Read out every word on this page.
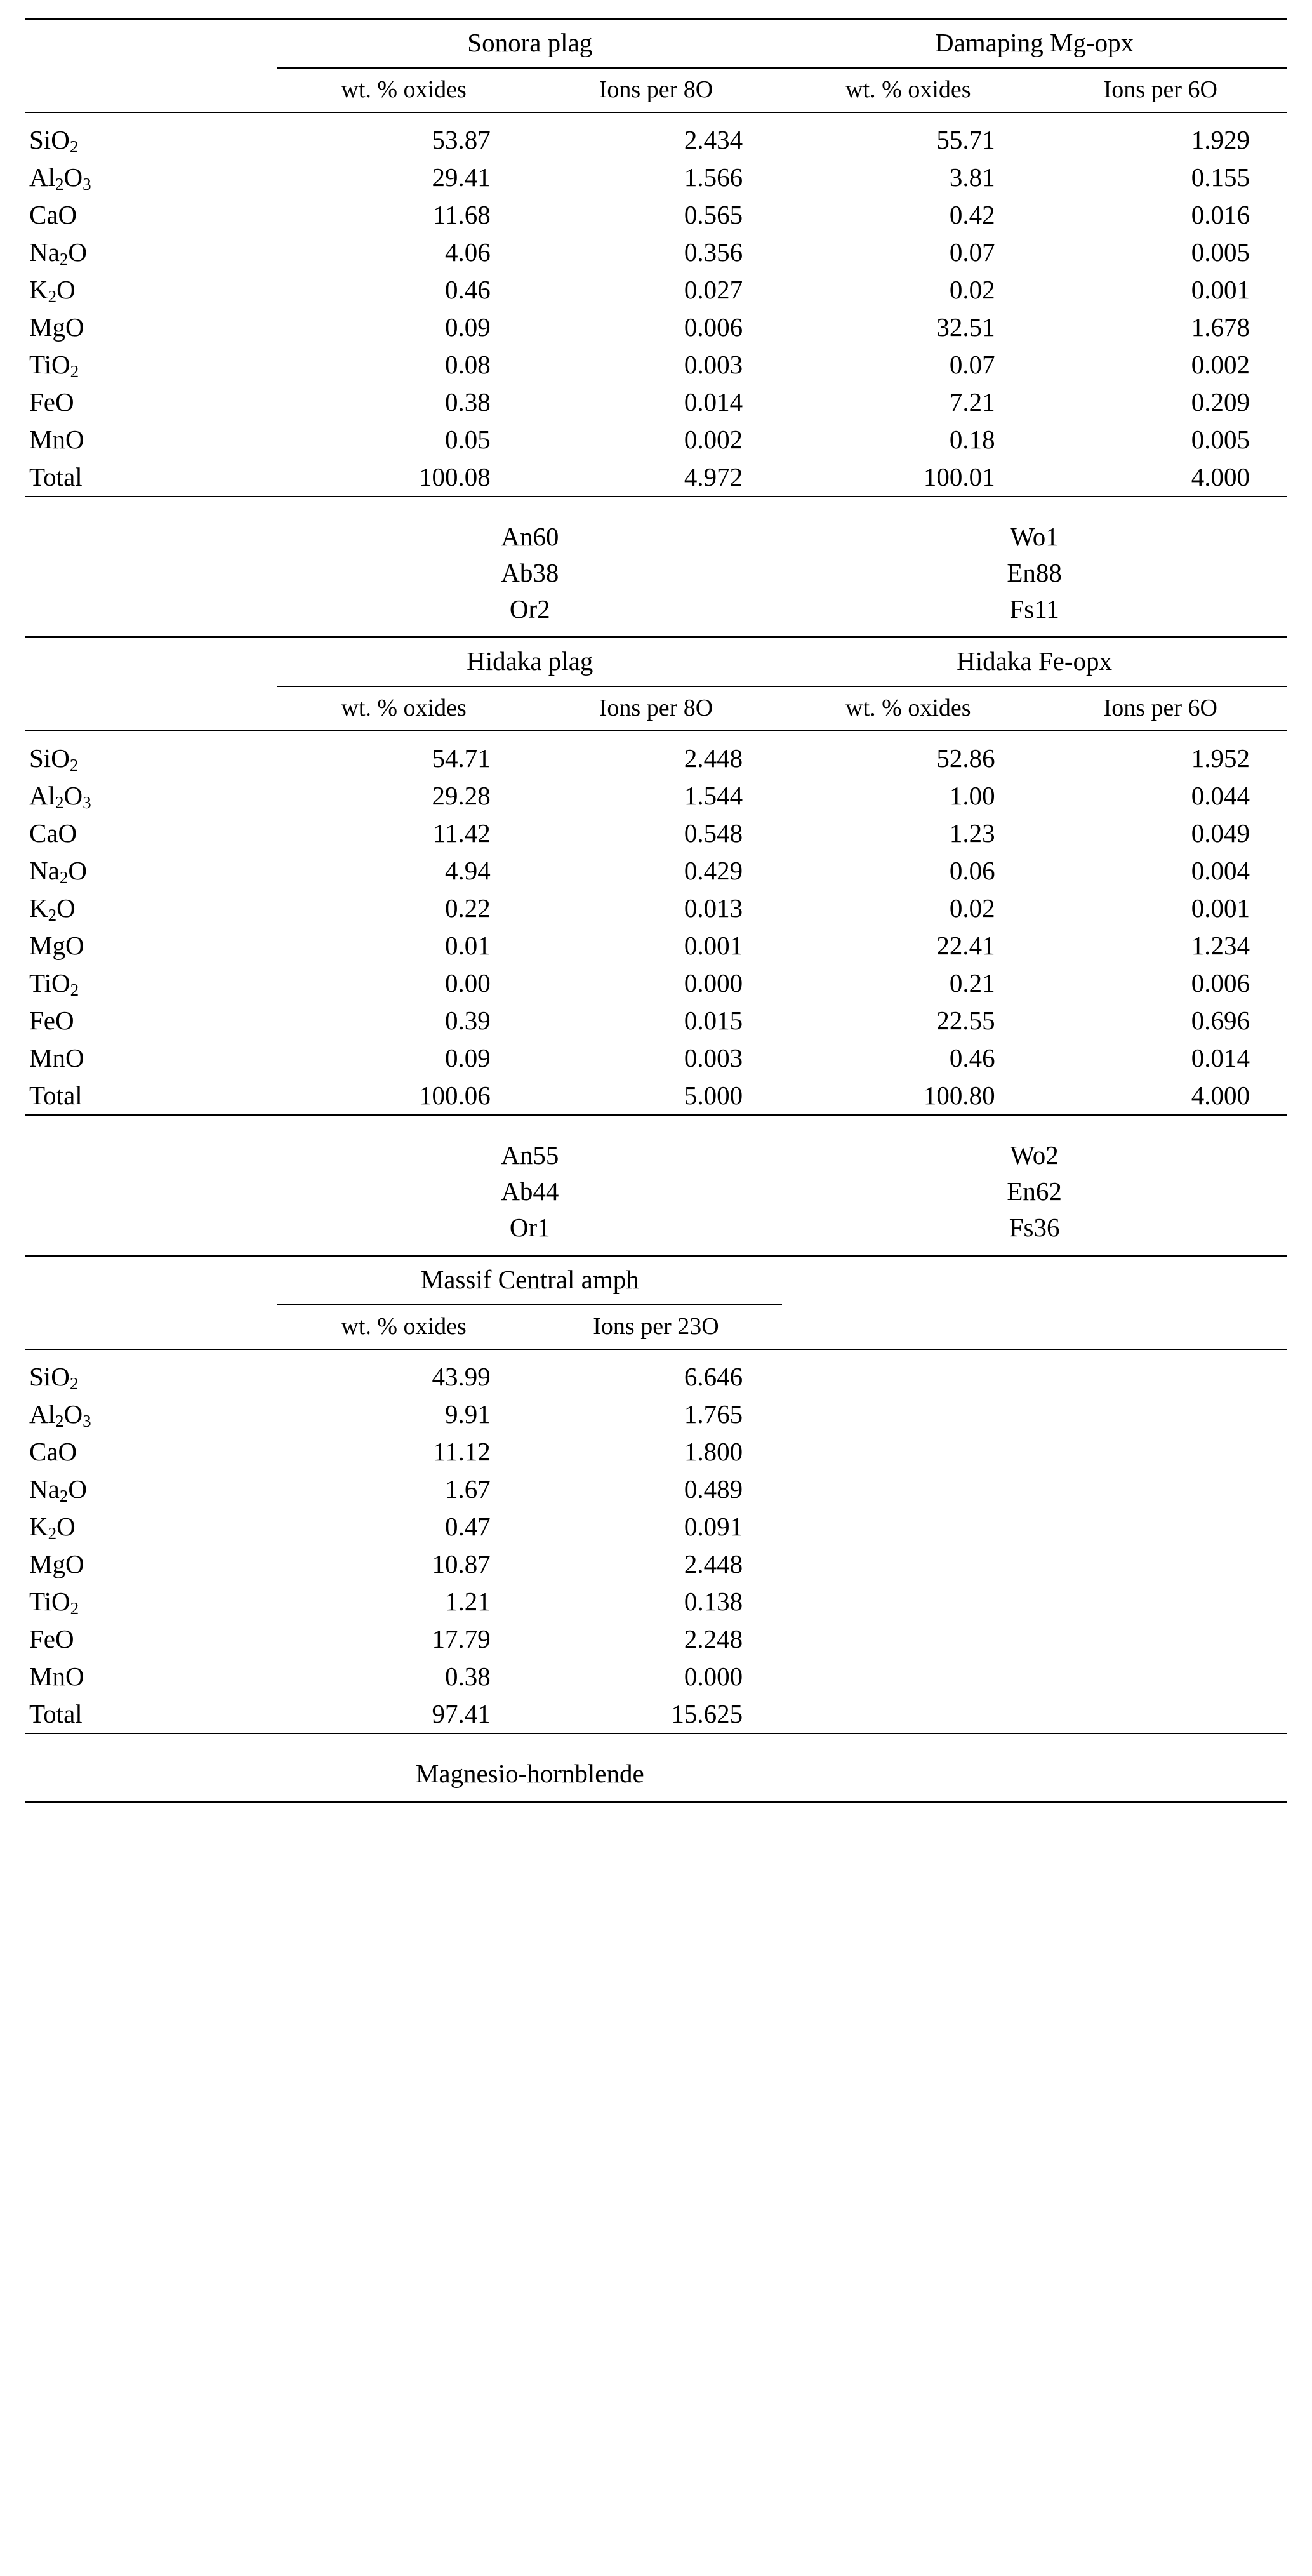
	Sonora plag		Damaping Mg-opx	

	wt. % oxides	Ions per 8O	wt. % oxides	Ions per 6O

SiO$_2$	53.87	2.434	55.71	1.929
$Al_2O_3$	29.41	1.566	3.81	0.155
CaO	11.68	0.565	0.42	0.016
$Na_2O$	4.06	0.356	0.07	0.005
$K_2O$	0.46	0.027	0.02	0.001
MgO	0.09	0.006	32.51	1.678
TiO$_2$	0.08	0.003	0.07	0.002
FeO	0.38	0.014	7.21	0.209
MnO	0.05	0.002	0.18	0.005
Total	100.08	4.972	100.01	4.000

	An60		Wo1	
	Ab38		En88	
	Or2		Fs11	

	Hidaka plag		Hidaka Fe-opx	

	wt. % oxides	Ions per 8O	wt. % oxides	Ions per 6O

SiO$_2$	54.71	2.448	52.86	1.952
$Al_2O_3$	29.28	1.544	1.00	0.044
CaO	11.42	0.548	1.23	0.049
$Na_2O$	4.94	0.429	0.06	0.004
$K_2O$	0.22	0.013	0.02	0.001
MgO	0.01	0.001	22.41	1.234
TiO$_2$	0.00	0.000	0.21	0.006
FeO	0.39	0.015	22.55	0.696
MnO	0.09	0.003	0.46	0.014
Total	100.06	5.000	100.80	4.000

	An55		Wo2	
	Ab44		En62	
	Or1		Fs36	

	Massif Central amph			

	wt. % oxides	Ions per 23O		

SiO$_2$	43.99	6.646		
$Al_2O_3$	9.91	1.765		
CaO	11.12	1.800		
$Na_2O$	1.67	0.489		
$K_2O$	0.47	0.091		
MgO	10.87	2.448		
TiO$_2$	1.21	0.138		
FeO	17.79	2.248		
MnO	0.38	0.000		
Total	97.41	15.625		

	Magnesio-hornblende			
